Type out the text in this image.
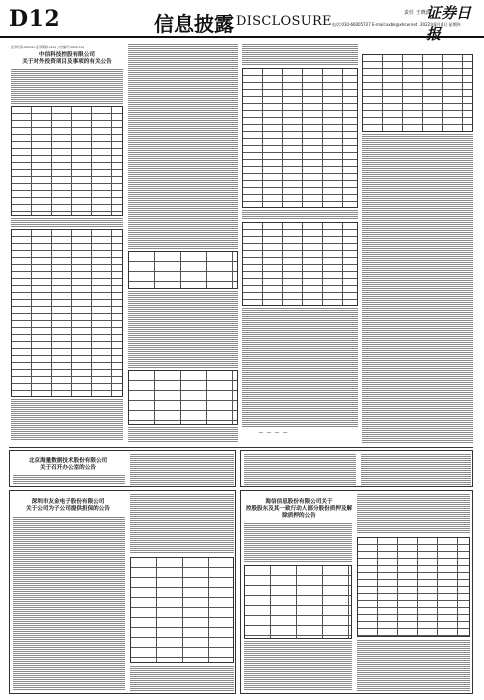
D12	信息披露 DISCLOSURE
责任 王晓波
电话:010-66005727 E-mail:xxbk@xhcw.net
证券日报
2022年8月4日 星期四
证券代码:002xxx 证券简称:xxxx 公告编号:2022-xxx
中信科技控股有限公司
关于对外投资项目及事项的有关公告
~ ~ ~ ~
北京海量数据技术股份有限公司
关于召开办公室的公告
深圳市友金电子股份有限公司
关于公司为子公司提供担保的公告
海信信息股份有限公司关于
控股股东及其一致行动人部分股份质押及解除质押的公告
